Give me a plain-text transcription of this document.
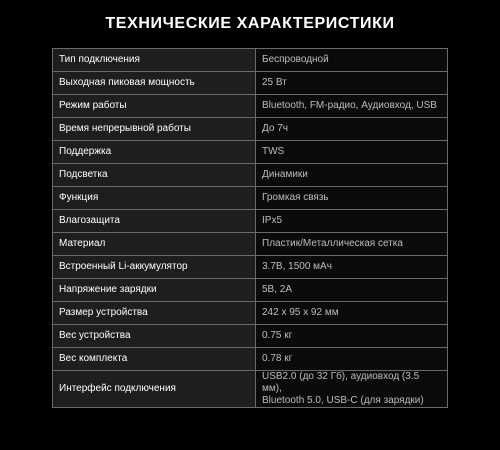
ТЕХНИЧЕСКИЕ ХАРАКТЕРИСТИКИ
Тип подключения	Беспроводной
Выходная пиковая мощность	25 Вт
Режим работы	Bluetooth, FM-радио, Аудиовход, USB
Время непрерывной работы	До 7ч
Поддержка	TWS
Подсветка	Динамики
Функция	Громкая связь
Влагозащита	IPx5
Материал	Пластик/Металлическая сетка
Встроенный Li-аккумулятор	3.7В, 1500 мАч
Напряжение зарядки	5В, 2А
Размер устройства	242 x 95 x 92 мм
Вес устройства	0.75 кг
Вес комплекта	0.78 кг
Интерфейс подключения	USB2.0 (до 32 Гб), аудиовход (3.5 мм),
Bluetooth 5.0, USB-C (для зарядки)
